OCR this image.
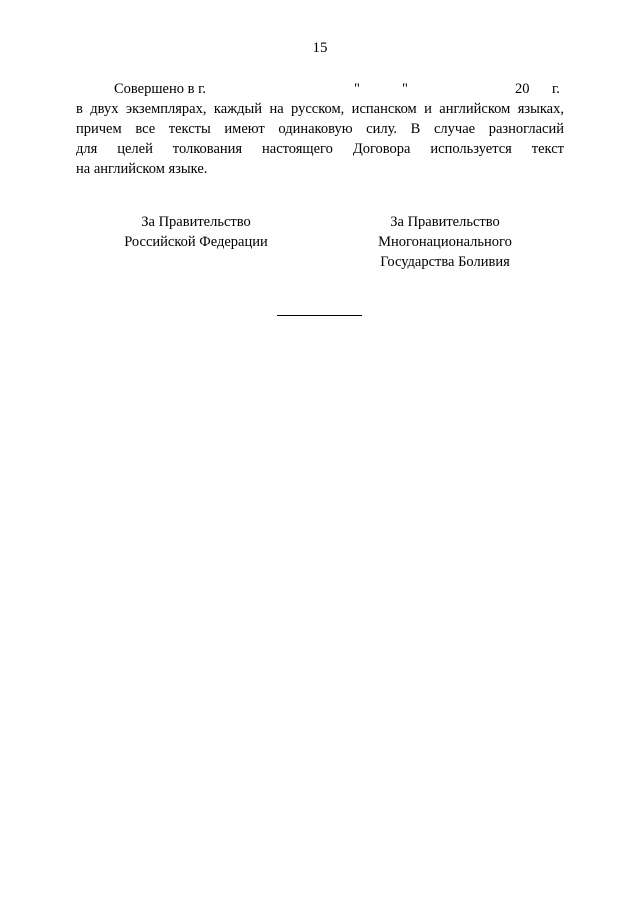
15
Совершено в г.	"	"	20 г.
в двух экземплярах, каждый на русском, испанском и английском языках,
причем все тексты имеют одинаковую силу. В случае разногласий
для целей толкования настоящего Договора используется текст
на английском языке.
За Правительство
Российской Федерации
За Правительство
Многонационального
Государства Боливия
